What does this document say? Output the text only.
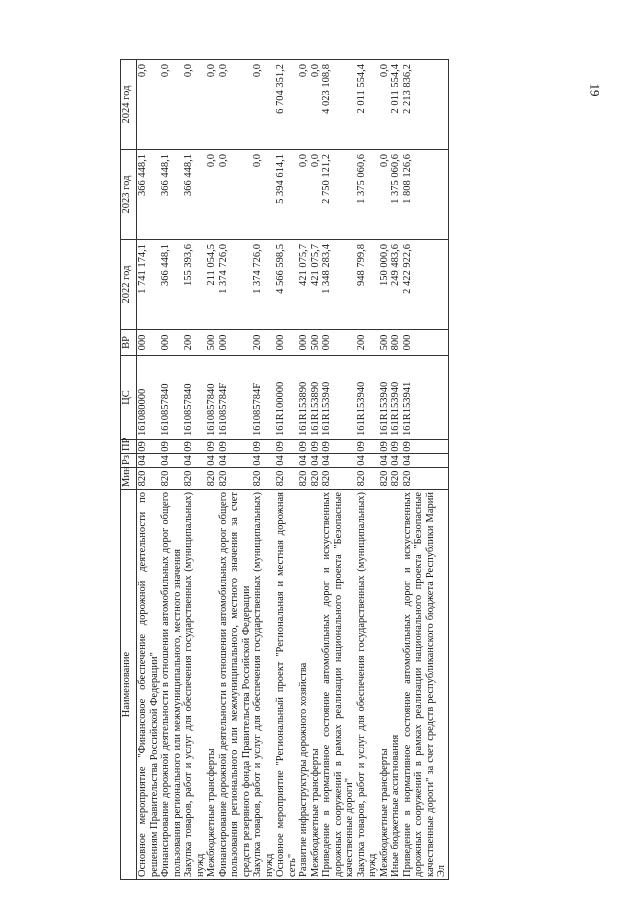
19
Наименование	Мин	Рз	ПР	ЦС	ВР	2022 год	2023 год	2024 год
Основное мероприятие "Финансовое обеспечение дорожной деятельности по решениям Правительства Российской Федерации"	820	04	09	161080000	000	1 741 174,1	366 448,1	0,0
Финансирование дорожной деятельности в отношении автомобильных дорог общего пользования регионального или межмуниципального, местного значения	820	04	09	1610857840	000	366 448,1	366 448,1	0,0
Закупка товаров, работ и услуг для обеспечения государственных (муниципальных) нужд	820	04	09	1610857840	200	155 393,6	366 448,1	0,0
Межбюджетные трансферты	820	04	09	1610857840	500	211 054,5	0,0	0,0
Финансирование дорожной деятельности в отношении автомобильных дорог общего пользования регионального или межмуниципального, местного значения за счет средств резервного фонда Правительства Российской Федерации	820	04	09	161085784F	000	1 374 726,0	0,0	0,0
Закупка товаров, работ и услуг для обеспечения государственных (муниципальных) нужд	820	04	09	161085784F	200	1 374 726,0	0,0	0,0
Основное мероприятие "Региональный проект "Региональная и местная дорожная сеть"	820	04	09	161R100000	000	4 566 598,5	5 394 614,1	6 704 351,2
Развитие инфраструктуры дорожного хозяйства	820	04	09	161R153890	000	421 075,7	0,0	0,0
Межбюджетные трансферты	820	04	09	161R153890	500	421 075,7	0,0	0,0
Приведение в нормативное состояние автомобильных дорог и искусственных дорожных сооружений в рамках реализации национального проекта "Безопасные качественные дороги"	820	04	09	161R153940	000	1 348 283,4	2 750 121,2	4 023 108,8
Закупка товаров, работ и услуг для обеспечения государственных (муниципальных) нужд	820	04	09	161R153940	200	948 799,8	1 375 060,6	2 011 554,4
Межбюджетные трансферты	820	04	09	161R153940	500	150 000,0	0,0	0,0
Иные бюджетные ассигнования	820	04	09	161R153940	800	249 483,6	1 375 060,6	2 011 554,4
Приведение в нормативное состояние автомобильных дорог и искусственных дорожных сооружений в рамках реализации национального проекта "Безопасные качественные дороги" за счет средств республиканского бюджета Республики Марий Эл	820	04	09	161R153941	000	2 422 922,6	1 808 126,6	2 213 836,2
